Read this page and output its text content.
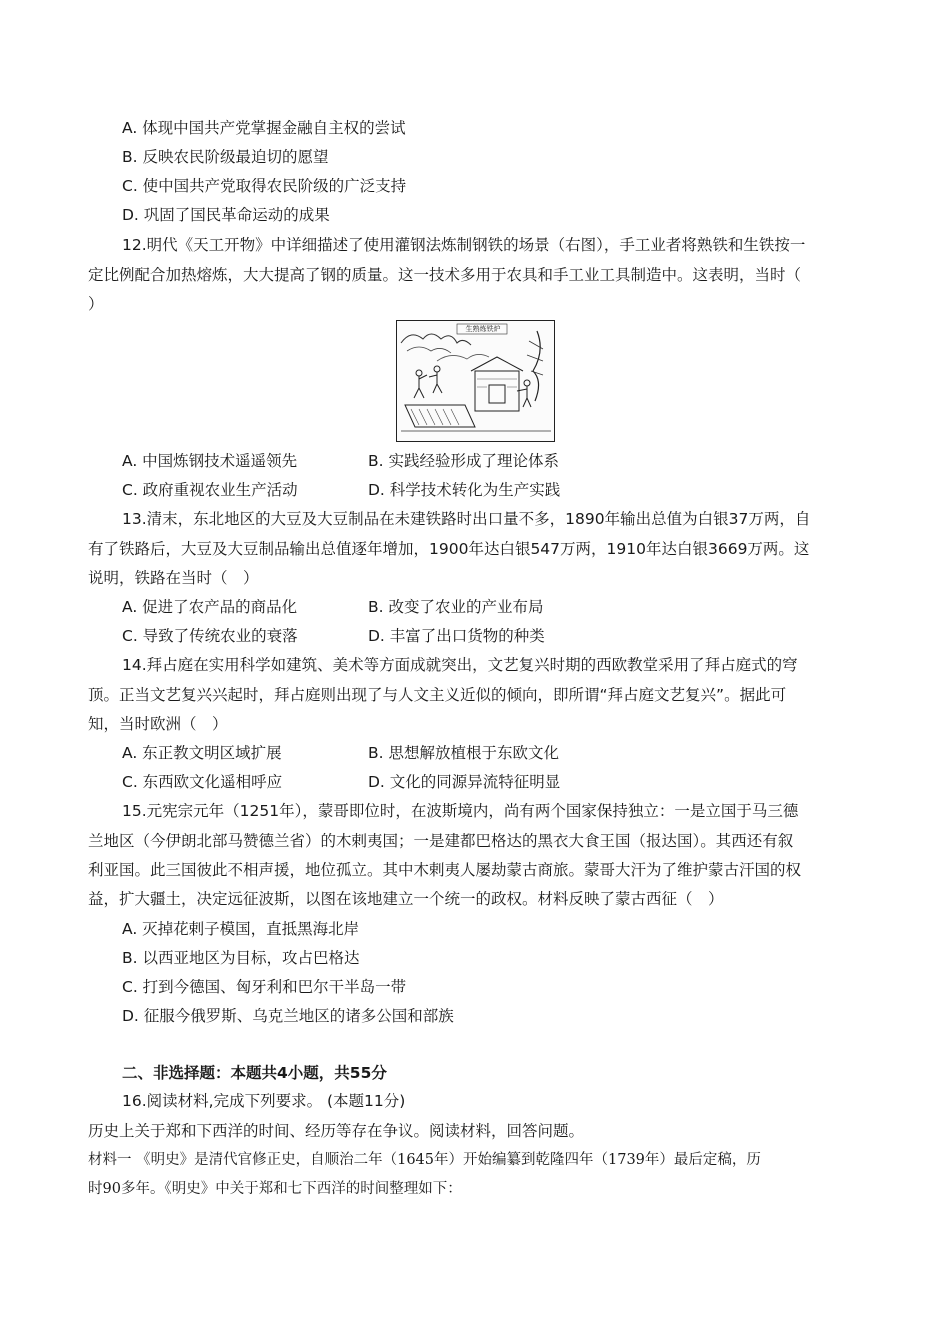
A. 体现中国共产党掌握金融自主权的尝试
B. 反映农民阶级最迫切的愿望
C. 使中国共产党取得农民阶级的广泛支持
D. 巩固了国民革命运动的成果
12.明代《天工开物》中详细描述了使用灌钢法炼制钢铁的场景（右图），手工业者将熟铁和生铁按一
定比例配合加热熔炼，大大提高了钢的质量。这一技术多用于农具和手工业工具制造中。这表明，当时（
）
生熟炼铁炉
A. 中国炼钢技术遥遥领先	B. 实践经验形成了理论体系
C. 政府重视农业生产活动	D. 科学技术转化为生产实践
13.清末，东北地区的大豆及大豆制品在未建铁路时出口量不多，1890年输出总值为白银37万两，自
有了铁路后，大豆及大豆制品输出总值逐年增加，1900年达白银547万两，1910年达白银3669万两。这
说明，铁路在当时（　）
A. 促进了农产品的商品化	B. 改变了农业的产业布局
C. 导致了传统农业的衰落	D. 丰富了出口货物的种类
14.拜占庭在实用科学如建筑、美术等方面成就突出，文艺复兴时期的西欧教堂采用了拜占庭式的穹
顶。正当文艺复兴兴起时，拜占庭则出现了与人文主义近似的倾向，即所谓“拜占庭文艺复兴”。据此可
知，当时欧洲（　）
A. 东正教文明区域扩展	B. 思想解放植根于东欧文化
C. 东西欧文化遥相呼应	D. 文化的同源异流特征明显
15.元宪宗元年（1251年），蒙哥即位时，在波斯境内，尚有两个国家保持独立：一是立国于马三德
兰地区（今伊朗北部马赞德兰省）的木剌夷国；一是建都巴格达的黑衣大食王国（报达国）。其西还有叙
利亚国。此三国彼此不相声援，地位孤立。其中木剌夷人屡劫蒙古商旅。蒙哥大汗为了维护蒙古汗国的权
益，扩大疆土，决定远征波斯，以图在该地建立一个统一的政权。材料反映了蒙古西征（　）
A. 灭掉花剌子模国，直抵黑海北岸
B. 以西亚地区为目标，攻占巴格达
C. 打到今德国、匈牙利和巴尔干半岛一带
D. 征服今俄罗斯、乌克兰地区的诸多公国和部族
二、非选择题：本题共4小题，共55分
16.阅读材料,完成下列要求。 (本题11分)
历史上关于郑和下西洋的时间、经历等存在争议。阅读材料，回答问题。
材料一 《明史》是清代官修正史，自顺治二年（1645年）开始编纂到乾隆四年（1739年）最后定稿，历
时90多年。《明史》中关于郑和七下西洋的时间整理如下：
